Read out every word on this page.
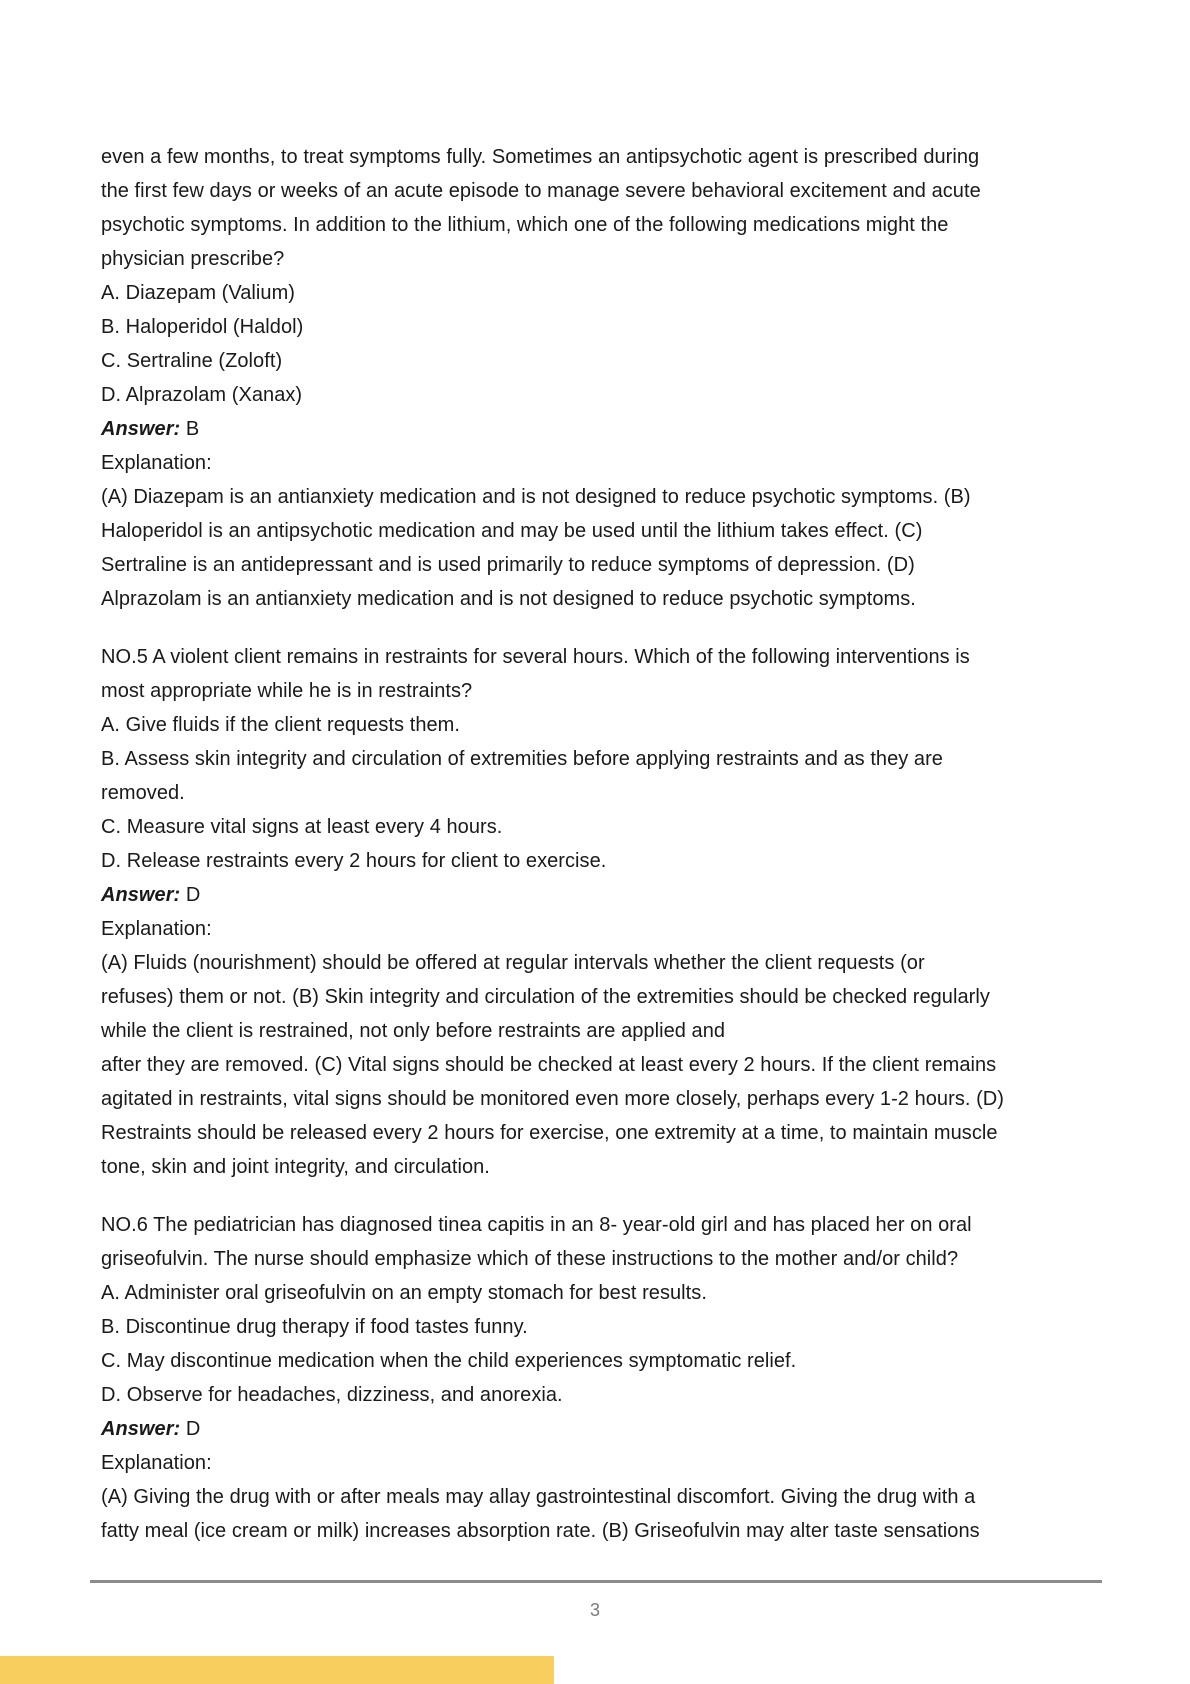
even a few months, to treat symptoms fully. Sometimes an antipsychotic agent is prescribed during
the first few days or weeks of an acute episode to manage severe behavioral excitement and acute
psychotic symptoms. In addition to the lithium, which one of the following medications might the
physician prescribe?
A. Diazepam (Valium)
B. Haloperidol (Haldol)
C. Sertraline (Zoloft)
D. Alprazolam (Xanax)
Answer: B
Explanation:
(A) Diazepam is an antianxiety medication and is not designed to reduce psychotic symptoms. (B)
Haloperidol is an antipsychotic medication and may be used until the lithium takes effect. (C)
Sertraline is an antidepressant and is used primarily to reduce symptoms of depression. (D)
Alprazolam is an antianxiety medication and is not designed to reduce psychotic symptoms.
NO.5 A violent client remains in restraints for several hours. Which of the following interventions is
most appropriate while he is in restraints?
A. Give fluids if the client requests them.
B. Assess skin integrity and circulation of extremities before applying restraints and as they are
removed.
C. Measure vital signs at least every 4 hours.
D. Release restraints every 2 hours for client to exercise.
Answer: D
Explanation:
(A) Fluids (nourishment) should be offered at regular intervals whether the client requests (or
refuses) them or not. (B) Skin integrity and circulation of the extremities should be checked regularly
while the client is restrained, not only before restraints are applied and
after they are removed. (C) Vital signs should be checked at least every 2 hours. If the client remains
agitated in restraints, vital signs should be monitored even more closely, perhaps every 1-2 hours. (D)
Restraints should be released every 2 hours for exercise, one extremity at a time, to maintain muscle
tone, skin and joint integrity, and circulation.
NO.6 The pediatrician has diagnosed tinea capitis in an 8- year-old girl and has placed her on oral
griseofulvin. The nurse should emphasize which of these instructions to the mother and/or child?
A. Administer oral griseofulvin on an empty stomach for best results.
B. Discontinue drug therapy if food tastes funny.
C. May discontinue medication when the child experiences symptomatic relief.
D. Observe for headaches, dizziness, and anorexia.
Answer: D
Explanation:
(A) Giving the drug with or after meals may allay gastrointestinal discomfort. Giving the drug with a
fatty meal (ice cream or milk) increases absorption rate. (B) Griseofulvin may alter taste sensations
3
